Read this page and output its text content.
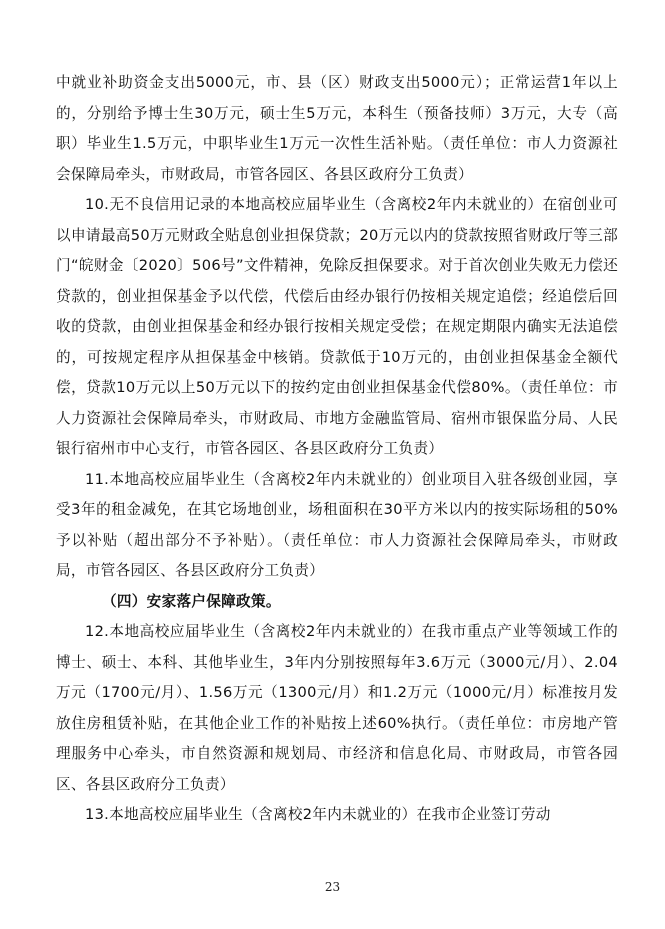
中就业补助资金支出5000元，市、县（区）财政支出5000元）；正常运营1年以上的，分别给予博士生30万元，硕士生5万元，本科生（预备技师）3万元，大专（高职）毕业生1.5万元，中职毕业生1万元一次性生活补贴。（责任单位：市人力资源社会保障局牵头，市财政局，市管各园区、各县区政府分工负责）

10.无不良信用记录的本地高校应届毕业生（含离校2年内未就业的）在宿创业可以申请最高50万元财政全贴息创业担保贷款；20万元以内的贷款按照省财政厅等三部门“皖财金〔2020〕506号”文件精神，免除反担保要求。对于首次创业失败无力偿还贷款的，创业担保基金予以代偿，代偿后由经办银行仍按相关规定追偿；经追偿后回收的贷款，由创业担保基金和经办银行按相关规定受偿；在规定期限内确实无法追偿的，可按规定程序从担保基金中核销。贷款低于10万元的，由创业担保基金全额代偿，贷款10万元以上50万元以下的按约定由创业担保基金代偿80%。（责任单位：市人力资源社会保障局牵头，市财政局、市地方金融监管局、宿州市银保监分局、人民银行宿州市中心支行，市管各园区、各县区政府分工负责）

11.本地高校应届毕业生（含离校2年内未就业的）创业项目入驻各级创业园，享受3年的租金减免，在其它场地创业，场租面积在30平方米以内的按实际场租的50%予以补贴（超出部分不予补贴）。（责任单位：市人力资源社会保障局牵头，市财政局，市管各园区、各县区政府分工负责）

（四）安家落户保障政策。

12.本地高校应届毕业生（含离校2年内未就业的）在我市重点产业等领域工作的博士、硕士、本科、其他毕业生，3年内分别按照每年3.6万元（3000元/月）、2.04万元（1700元/月）、1.56万元（1300元/月）和1.2万元（1000元/月）标准按月发放住房租赁补贴，在其他企业工作的补贴按上述60%执行。（责任单位：市房地产管理服务中心牵头，市自然资源和规划局、市经济和信息化局、市财政局，市管各园区、各县区政府分工负责）

13.本地高校应届毕业生（含离校2年内未就业的）在我市企业签订劳动

23
